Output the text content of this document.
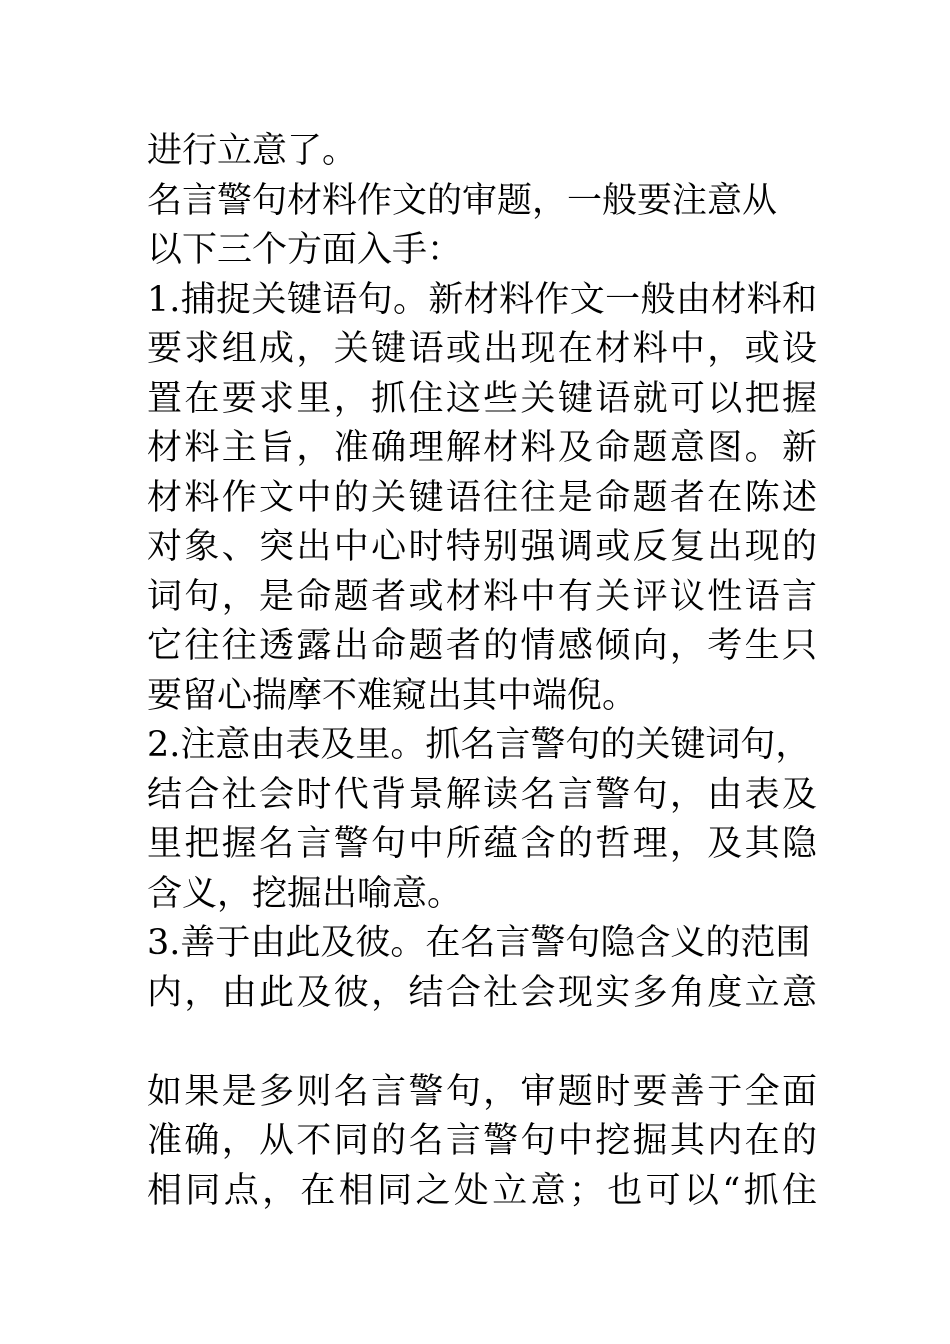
进行立意了。
名言警句材料作文的审题，一般要注意从
以下三个方面入手：
1.捕捉关键语句。新材料作文一般由材料和
要求组成，关键语或出现在材料中，或设
置在要求里，抓住这些关键语就可以把握
材料主旨，准确理解材料及命题意图。新
材料作文中的关键语往往是命题者在陈述
对象、突出中心时特别强调或反复出现的
词句，是命题者或材料中有关评议性语言
它往往透露出命题者的情感倾向，考生只
要留心揣摩不难窥出其中端倪。
2.注意由表及里。抓名言警句的关键词句，
结合社会时代背景解读名言警句，由表及
里把握名言警句中所蕴含的哲理，及其隐
含义，挖掘出喻意。
3.善于由此及彼。在名言警句隐含义的范围
内，由此及彼，结合社会现实多角度立意
如果是多则名言警句，审题时要善于全面
准确，从不同的名言警句中挖掘其内在的
相同点，在相同之处立意；也可以“抓住
